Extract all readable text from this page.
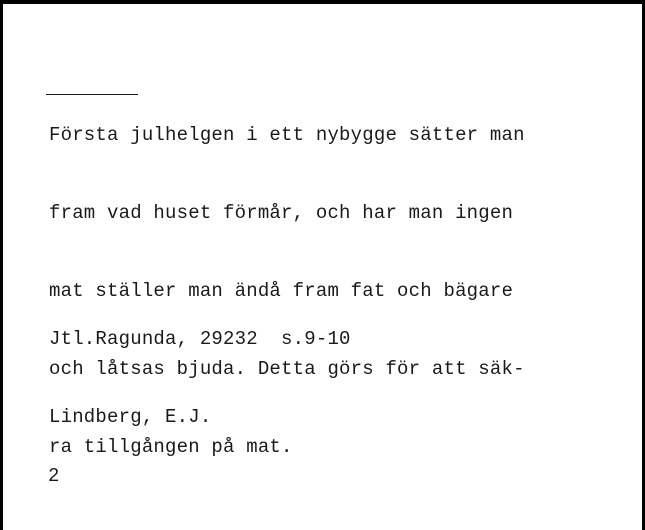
Första julhelgen i ett nybygge sätter man

fram vad huset förmår, och har man ingen

mat ställer man ändå fram fat och bägare

och låtsas bjuda. Detta görs för att säk-

ra tillgången på mat.

Jtl.Ragunda, 29232  s.9-10

Lindberg, E.J.

2
